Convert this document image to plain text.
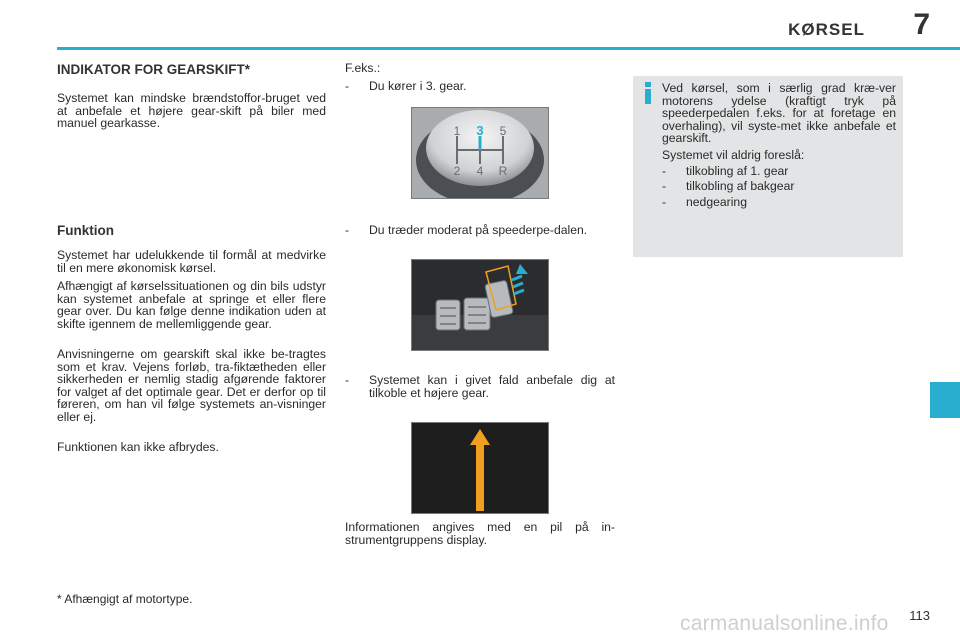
KØRSEL 7
INDIKATOR FOR GEARSKIFT*

Systemet kan mindske brændstoffor-bruget ved at anbefale et højere gear-skift på biler med manuel gearkasse.

Funktion

Systemet har udelukkende til formål at medvirke til en mere økonomisk kørsel.

Afhængigt af kørselssituationen og din bils udstyr kan systemet anbefale at springe et eller flere gear over. Du kan følge denne indikation uden at skifte igennem de mellemliggende gear.

Anvisningerne om gearskift skal ikke be-tragtes som et krav. Vejens forløb, tra-fiktætheden eller sikkerheden er nemlig stadig afgørende faktorer for valget af det optimale gear. Det er derfor op til føreren, om han vil følge systemets an-visninger eller ej.

Funktionen kan ikke afbrydes.

* Afhængigt af motortype.
F.eks.:
-	Du kører i 3. gear.
1 3 5
2 4 R
-	Du træder moderat på speederpe-dalen.
-	Systemet kan i givet fald anbefale dig at tilkoble et højere gear.

Informationen angives med en pil på in-strumentgruppens display.

Ved kørsel, som i særlig grad kræ-ver motorens ydelse (kraftigt tryk på speederpedalen f.eks. for at foretage en overhaling), vil syste-met ikke anbefale et gearskift.

Systemet vil aldrig foreslå:

-	tilkobling af 1. gear
-	tilkobling af bakgear
-	nedgearing
carmanualsonline.info 113
